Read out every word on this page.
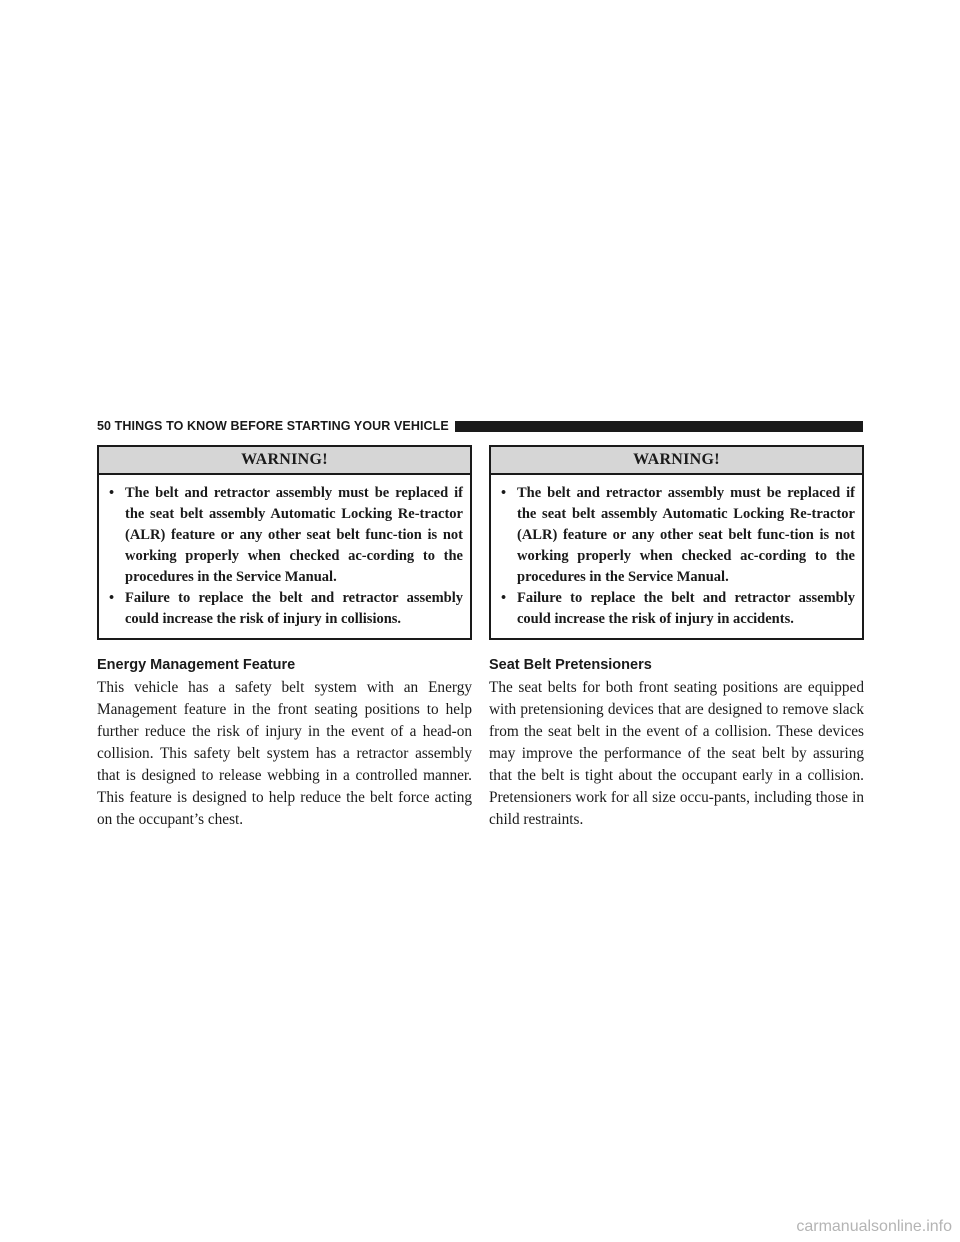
50 THINGS TO KNOW BEFORE STARTING YOUR VEHICLE
WARNING!
• The belt and retractor assembly must be replaced if the seat belt assembly Automatic Locking Re-tractor (ALR) feature or any other seat belt func-tion is not working properly when checked ac-cording to the procedures in the Service Manual.
• Failure to replace the belt and retractor assembly could increase the risk of injury in collisions.
Energy Management Feature

This vehicle has a safety belt system with an Energy Management feature in the front seating positions to help further reduce the risk of injury in the event of a head-on collision. This safety belt system has a retractor assembly that is designed to release webbing in a controlled manner. This feature is designed to help reduce the belt force acting on the occupant’s chest.

WARNING!
• The belt and retractor assembly must be replaced if the seat belt assembly Automatic Locking Re-tractor (ALR) feature or any other seat belt func-tion is not working properly when checked ac-cording to the procedures in the Service Manual.
• Failure to replace the belt and retractor assembly could increase the risk of injury in accidents.
Seat Belt Pretensioners

The seat belts for both front seating positions are equipped with pretensioning devices that are designed to remove slack from the seat belt in the event of a collision. These devices may improve the performance of the seat belt by assuring that the belt is tight about the occupant early in a collision. Pretensioners work for all size occu-pants, including those in child restraints.

carmanualsonline.info
